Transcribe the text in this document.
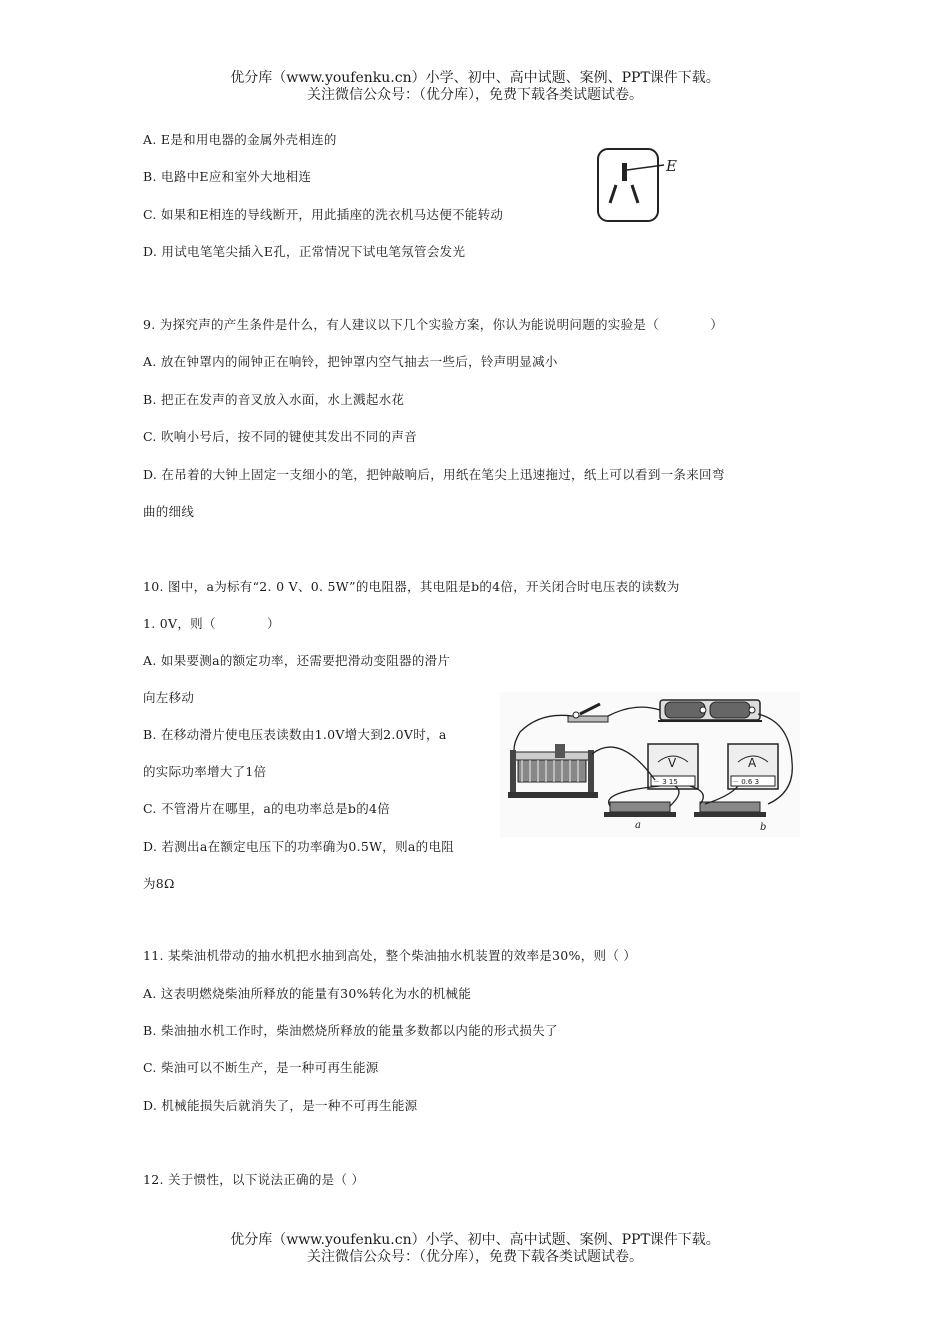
优分库（www.youfenku.cn）小学、初中、高中试题、案例、PPT课件下载。
关注微信公众号：（优分库），免费下载各类试题试卷。
A. E是和用电器的金属外壳相连的
B. 电路中E应和室外大地相连
C. 如果和E相连的导线断开，用此插座的洗衣机马达便不能转动
D. 用试电笔笔尖插入E孔，正常情况下试电笔氖管会发光
E
9. 为探究声的产生条件是什么，有人建议以下几个实验方案，你认为能说明问题的实验是（　　　　）
A. 放在钟罩内的闹钟正在响铃，把钟罩内空气抽去一些后，铃声明显减小
B. 把正在发声的音叉放入水面，水上溅起水花
C. 吹响小号后，按不同的键使其发出不同的声音
D. 在吊着的大钟上固定一支细小的笔，把钟敲响后，用纸在笔尖上迅速拖过，纸上可以看到一条来回弯
曲的细线
10. 图中，a为标有“2. 0 V、0. 5W”的电阻器，其电阻是b的4倍，开关闭合时电压表的读数为
1. 0V，则（　　　　）
A. 如果要测a的额定功率，还需要把滑动变阻器的滑片
向左移动
B. 在移动滑片使电压表读数由1.0V增大到2.0V时，a
的实际功率增大了1倍
C. 不管滑片在哪里，a的电功率总是b的4倍
D. 若测出a在额定电压下的功率确为0.5W，则a的电阻
为8Ω
V
－ 3 15
A
－ 0.6 3
a	b
11. 某柴油机带动的抽水机把水抽到高处，整个柴油抽水机装置的效率是30%，则（ ）
A. 这表明燃烧柴油所释放的能量有30%转化为水的机械能
B. 柴油抽水机工作时，柴油燃烧所释放的能量多数都以内能的形式损失了
C. 柴油可以不断生产，是一种可再生能源
D. 机械能损失后就消失了，是一种不可再生能源
12. 关于惯性，以下说法正确的是（ ）
优分库（www.youfenku.cn）小学、初中、高中试题、案例、PPT课件下载。
关注微信公众号：（优分库），免费下载各类试题试卷。
